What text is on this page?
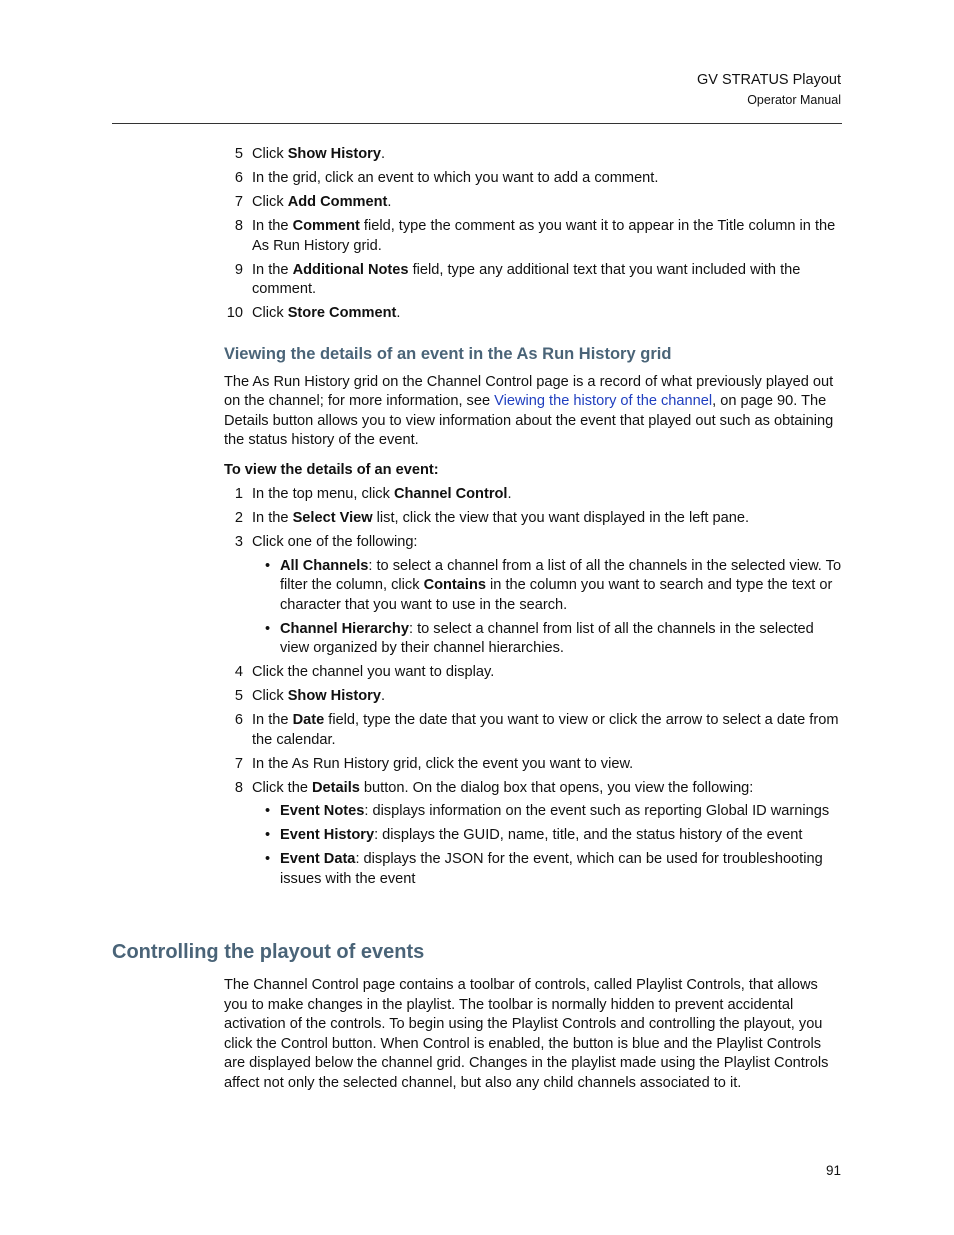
GV STRATUS Playout
Operator Manual
5 Click Show History.
6 In the grid, click an event to which you want to add a comment.
7 Click Add Comment.
8 In the Comment field, type the comment as you want it to appear in the Title column in the As Run History grid.
9 In the Additional Notes field, type any additional text that you want included with the comment.
10 Click Store Comment.
Viewing the details of an event in the As Run History grid

The As Run History grid on the Channel Control page is a record of what previously played out on the channel; for more information, see Viewing the history of the channel, on page 90. The Details button allows you to view information about the event that played out such as obtaining the status history of the event.

To view the details of an event:
1 In the top menu, click Channel Control.
2 In the Select View list, click the view that you want displayed in the left pane.
3 Click one of the following:
• All Channels: to select a channel from a list of all the channels in the selected view. To filter the column, click Contains in the column you want to search and type the text or character that you want to use in the search.
• Channel Hierarchy: to select a channel from list of all the channels in the selected view organized by their channel hierarchies.
4 Click the channel you want to display.
5 Click Show History.
6 In the Date field, type the date that you want to view or click the arrow to select a date from the calendar.
7 In the As Run History grid, click the event you want to view.
8 Click the Details button. On the dialog box that opens, you view the following:
• Event Notes: displays information on the event such as reporting Global ID warnings
• Event History: displays the GUID, name, title, and the status history of the event
• Event Data: displays the JSON for the event, which can be used for troubleshooting issues with the event
Controlling the playout of events

The Channel Control page contains a toolbar of controls, called Playlist Controls, that allows you to make changes in the playlist. The toolbar is normally hidden to prevent accidental activation of the controls. To begin using the Playlist Controls and controlling the playout, you click the Control button. When Control is enabled, the button is blue and the Playlist Controls are displayed below the channel grid. Changes in the playlist made using the Playlist Controls affect not only the selected channel, but also any child channels associated to it.

91
